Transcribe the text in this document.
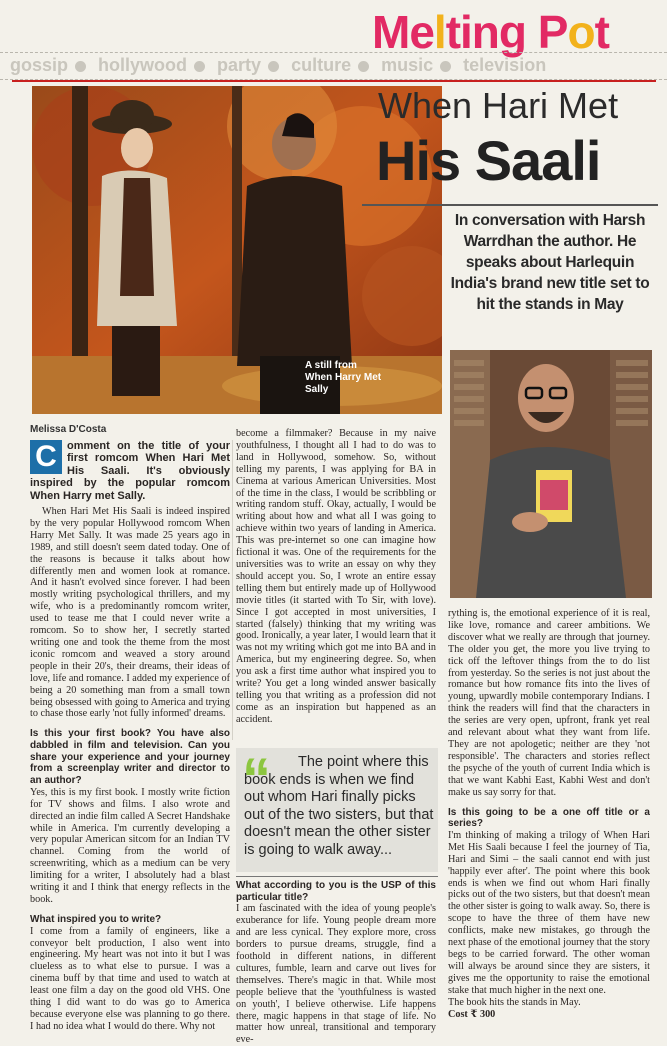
Melting Pot
gossip hollywood party culture music television
A still from When Harry Met Sally
When Hari Met
His Saali
In conversation with Harsh Warrdhan the author. He speaks about Harlequin India's brand new title set to hit the stands in May
Melissa D'Costa
C omment on the title of your first romcom When Hari Met His Saali. It's obviously inspired by the popular romcom When Harry met Sally.

When Hari Met His Saali is indeed inspired by the very popular Hollywood romcom When Harry Met Sally. It was made 25 years ago in 1989, and still doesn't seem dated today. One of the reasons is because it talks about how differently men and women look at romance. And it hasn't evolved since forever. I had been mostly writing psychological thrillers, and my wife, who is a predominantly romcom writer, used to tease me that I could never write a romcom. So to show her, I secretly started writing one and took the theme from the most iconic romcom and weaved a story around people in their 20's, their dreams, their ideas of love, life and romance. I added my experience of being a 20 something man from a small town being obsessed with going to America and trying to chase those early 'not fully informed' dreams.

Is this your first book? You have also dabbled in film and television. Can you share your experience and your journey from a screenplay writer and director to an author?

Yes, this is my first book. I mostly write fiction for TV shows and films. I also wrote and directed an indie film called A Secret Handshake while in America. I'm currently developing a very popular American sitcom for an Indian TV channel. Coming from the world of screenwriting, which as a medium can be very limiting for a writer, I absolutely had a blast writing it and I think that energy reflects in the book.

What inspired you to write?

I come from a family of engineers, like a conveyor belt production, I also went into engineering. My heart was not into it but I was clueless as to what else to pursue. I was a cinema buff by that time and used to watch at least one film a day on the good old VHS. One thing I did want to do was go to America because everyone else was planning to go there. I had no idea what I would do there. Why not

become a filmmaker? Because in my naive youthfulness, I thought all I had to do was to land in Hollywood, somehow. So, without telling my parents, I was applying for BA in Cinema at various American Universities. Most of the time in the class, I would be scribbling or writing random stuff. Okay, actually, I would be writing about how and what all I was going to achieve within two years of landing in America. This was pre-internet so one can imagine how fictional it was. One of the requirements for the universities was to write an essay on why they should accept you. So, I wrote an entire essay telling them but entirely made up of Hollywood movie titles (it started with To Sir, with love). Since I got accepted in most universities, I started (falsely) thinking that my writing was good. Ironically, a year later, I would learn that it was not my writing which got me into BA and in America, but my engineering degree. So, when you ask a first time author what inspired you to write? You get a long winded answer basically telling you that writing as a profession did not come as an inspiration but happened as an accident.

“	The point where this book ends is when we find out whom Hari finally picks out of the two sisters, but that doesn't mean the other sister is going to walk away...

What according to you is the USP of this particular title?

I am fascinated with the idea of young people's exuberance for life. Young people dream more and are less cynical. They explore more, cross borders to pursue dreams, struggle, find a foothold in different nations, in different cultures, fumble, learn and carve out lives for themselves. There's magic in that. While most people believe that the 'youthfulness is wasted on youth', I believe otherwise. Life happens there, magic happens in that stage of life. No matter how unreal, transitional and temporary eve-

rything is, the emotional experience of it is real, like love, romance and career ambitions. We discover what we really are through that journey. The older you get, the more you live trying to tick off the leftover things from the to do list from yesterday. So the series is not just about the romance but how romance fits into the lives of young, upwardly mobile contemporary Indians. I think the readers will find that the characters in the series are very open, upfront, frank yet real and relevant about what they want from life. They are not apologetic; neither are they 'not responsible'. The characters and stories reflect the psyche of the youth of current India which is that we want Kabhi East, Kabhi West and don't make us say sorry for that.

Is this going to be a one off title or a series?

I'm thinking of making a trilogy of When Hari Met His Saali because I feel the journey of Tia, Hari and Simi – the saali cannot end with just 'happily ever after'. The point where this book ends is when we find out whom Hari finally picks out of the two sisters, but that doesn't mean the other sister is going to walk away. So, there is scope to have the three of them have new conflicts, make new mistakes, go through the next phase of the emotional journey that the story begs to be carried forward. The other woman will always be around since they are sisters, it gives me the opportunity to raise the emotional stake that much higher in the next one.

The book hits the stands in May.

Cost ₹ 300
